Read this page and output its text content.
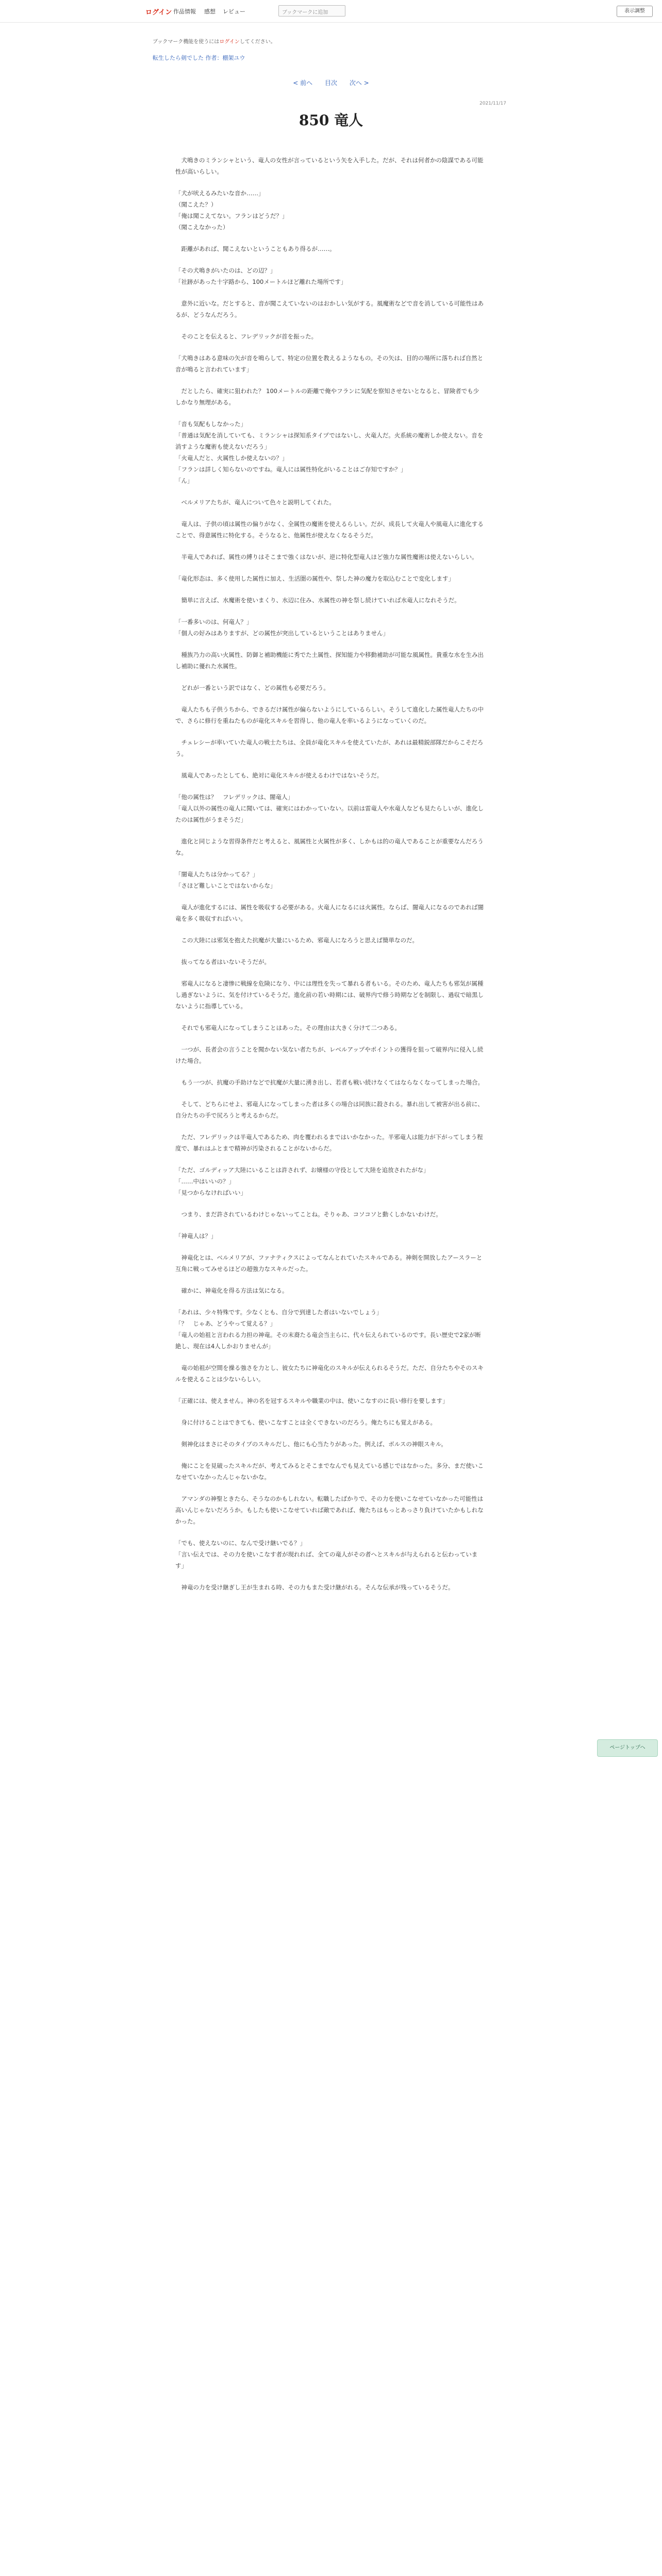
ログイン 作品情報 感想 レビュー	ブックマークに追加	表示調整
ブックマーク機能を使うにはログインしてください。
転生したら剣でした 作者：棚架ユウ
< 前へ 目次 次へ >
2021/11/17
850 竜人

　犬鳴きのミランシャという、竜人の女性が言っているという矢を入手した。だが、それは何者かの陰謀である可能性が高いらしい。

「犬が吠えるみたいな音か……」
（聞こえた？）
「俺は聞こえてない。フランはどうだ？」
（聞こえなかった）

　距離があれば、聞こえないということもあり得るが……。

「その犬鳴きがいたのは、どの辺？」
「社跡があった十字路から、100メートルほど離れた場所です」

　意外に近いな。だとすると、音が聞こえていないのはおかしい気がする。風魔術などで音を消している可能性はあるが、どうなんだろう。

　そのことを伝えると、フレデリックが首を振った。

「犬鳴きはある意味の矢が音を鳴らして、特定の位置を教えるようなもの。その矢は、目的の場所に落ちれば自然と音が鳴ると言われています」

　だとしたら、確実に狙われた？ 100メートルの距離で俺やフランに気配を察知させないとなると、冒険者でも少しかなり無理がある。

「音も気配もしなかった」
「普通は気配を消していても、ミランシャは探知系タイプではないし、火竜人だ。火系統の魔術しか使えない。音を消すような魔術も使えないだろう」
「火竜人だと、火属性しか使えないの？」
「フランは詳しく知らないのですね。竜人には属性特化がいることはご存知ですか？」
「ん」

　ベルメリアたちが、竜人について色々と説明してくれた。

　竜人は、子供の頃は属性の偏りがなく、全属性の魔術を使えるらしい。だが、成長して火竜人や風竜人に進化することで、得意属性に特化する。そうなると、他属性が使えなくなるそうだ。

　半竜人であれば、属性の縛りはそこまで強くはないが、逆に特化型竜人ほど強力な属性魔術は使えないらしい。

「竜化形态は、多く使用した属性に加え、生活圏の属性や、祭した神の魔力を取込むことで変化します」

　簡単に言えば、水魔術を使いまくり、水辺に住み、水属性の神を祭し続けていれば水竜人になれそうだ。

「一番多いのは、何竜人？」
「個人の好みはありますが、どの属性が突出しているということはありません」

　種族乃力の高い火属性、防御と補助機能に秀でた土属性、探知能力や移動補助が可能な風属性。貴重な水を生み出し補助に優れた水属性。

　どれが一番という訳ではなく、どの属性も必要だろう。

　竜人たちも子供うちから、できるだけ属性が偏らないようにしているらしい。そうして進化した属性竜人たちの中で、さらに修行を重ねたものが竜化スキルを習得し、他の竜人を率いるようになっていくのだ。

　チェレシーが率いていた竜人の戦士たちは、全員が竜化スキルを使えていたが、あれは最精鋭部隊だからこそだろう。

　風竜人であったとしても、絶対に竜化スキルが使えるわけではないそうだ。

「他の属性は？　フレデリックは、闇竜人」
「竜人以外の属性の竜人に聞いては、確実にはわかっていない。以前は雷竜人や水竜人なども見たらしいが、進化したのは属性がうまそうだ」

　進化と同じような習得条件だと考えると、風属性と火属性が多く、しかもは的の竜人であることが重要なんだろうな。

「闇竜人たちは分かってる？」
「さほど難しいことではないからな」

　竜人が進化するには、属性を吸収する必要がある。火竜人になるには火属性。ならば、闇竜人になるのであれば闇竜を多く吸収すればいい。

　この大陸には邪気を抱えた抗魔が大量にいるため、邪竜人になろうと思えば簡単なのだ。

　抜ってなる者はいないそうだが。

　邪竜人になると凄惨に戦線を危険になり、中には理性を失って暴れる者もいる。そのため、竜人たちも邪気が属種し過ぎないように、気を付けているそうだ。進化前の若い時期には、破界内で修う時期などを制限し、過収で暗黒しないように指導している。

　それでも邪竜人になってしまうことはあった。その理由は大きく分けて二つある。

　一つが、長者会の言うことを聞かない気ない者たちが、レベルアップやポイントの獲得を狙って破界内に侵入し続けた場合。

　もう一つが、抗魔の手助けなどで抗魔が大量に湧き出し、若者も戦い続けなくてはならなくなってしまった場合。

　そして、どちらにせよ、邪竜人になってしまった者は多くの場合は同族に殺される。暴れ出して被害が出る前に、自分たちの手で尻ろうと考えるからだ。

　ただ、フレデリックは半竜人であるため、肉を覆われるまではいかなかった。半邪竜人は能力が下がってしまう程度で、暴れはふとまで精神が汚染されることがないからだ。

「ただ、ゴルディッア大陸にいることは許されず、お嬢様の守役として大陸を追放されたがな」
「……中はいいの？」
「見つからなければいい」

　つまり、まだ許されているわけじゃないってことね。そりゃあ、コソコソと動くしかないわけだ。

「神竜人は？」

　神竜化とは、ベルメリアが、ファナティクスによってなんとれていたスキルである。神剣を開放したアースラーと互角に戦ってみせるほどの超強力なスキルだった。

　確かに、神竜化を得る方法は気になる。

「あれは、少々特殊です。少なくとも、自分で到達した者はいないでしょう」
「？　じゃあ、どうやって覚える？」
「竜人の始祖と言われる力担の神竜。その末裔たる竜会当主らに、代々伝えられているのです。長い歴史で2家が断絶し、現在は4人しかおりませんが」

　竜の始祖が空間を操る強さを力とし、彼女たちに神竜化のスキルが伝えられるそうだ。ただ、自分たちやそのスキルを使えることは少ないらしい。

「正確には、使えません。神の名を冠するスキルや職業の中は、使いこなすのに長い修行を要します」

　身に付けることはできても、使いこなすことは全くできないのだろう。俺たちにも覚えがある。

　剣神化はまさにそのタイプのスキルだし、他にも心当たりがあった。例えば、ボルスの神眼スキル。

　俺にことを見破ったスキルだが、考えてみるとそこまでなんでも見えている感じではなかった。多分、まだ使いこなせていなかったんじゃないかな。

　アマンダの神聖ときたら、そうなのかもしれない。転職したばかりで、その力を使いこなせていなかった可能性は高いんじゃないだろうか。もしたも使いこなせていれば敵であれば、俺たちはもっとあっさり負けていたかもしれなかった。

「でも、使えないのに、なんで受け継いでる？」
「言い伝えでは、その力を使いこなす者が現れれば、全ての竜人がその者へとスキルが与えられると伝わっています」

　神竜の力を受け継ぎし王が生まれる時、その力もまた受け継がれる。そんな伝承が残っているそうだ。

ページトップへ
